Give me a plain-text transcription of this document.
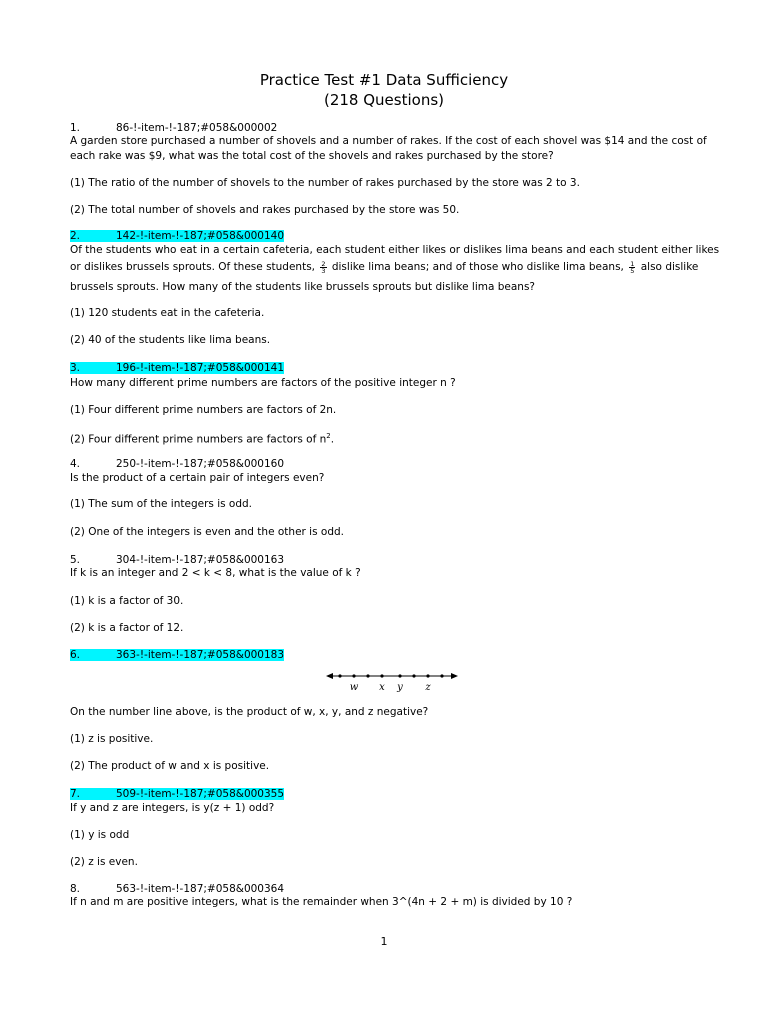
Practice Test #1 Data Sufficiency
(218 Questions)
1.	86-!-item-!-187;#058&000002
A garden store purchased a number of shovels and a number of rakes. If the cost of each shovel was $14 and the cost of
each rake was $9, what was the total cost of the shovels and rakes purchased by the store?
(1) The ratio of the number of shovels to the number of rakes purchased by the store was 2 to 3.
(2) The total number of shovels and rakes purchased by the store was 50.
2.	142-!-item-!-187;#058&000140
Of the students who eat in a certain cafeteria, each student either likes or dislikes lima beans and each student either likes
or dislikes brussels sprouts. Of these students, $\frac{2}{3}$ dislike lima beans; and of those who dislike lima beans, $\frac{1}{5}$ also dislike
brussels sprouts. How many of the students like brussels sprouts but dislike lima beans?
(1) 120 students eat in the cafeteria.
(2) 40 of the students like lima beans.
3.	196-!-item-!-187;#058&000141
How many different prime numbers are factors of the positive integer n ?
(1) Four different prime numbers are factors of 2n.
(2) Four different prime numbers are factors of $n^2$.
4.	250-!-item-!-187;#058&000160
Is the product of a certain pair of integers even?
(1) The sum of the integers is odd.
(2) One of the integers is even and the other is odd.
5.	304-!-item-!-187;#058&000163
If k is an integer and 2 < k < 8, what is the value of k ?
(1) k is a factor of 30.
(2) k is a factor of 12.
6.	363-!-item-!-187;#058&000183
w x y z
On the number line above, is the product of w, x, y, and z negative?
(1) z is positive.
(2) The product of w and x is positive.
7.	509-!-item-!-187;#058&000355
If y and z are integers, is y(z + 1) odd?
(1) y is odd
(2) z is even.
8.	563-!-item-!-187;#058&000364
If n and m are positive integers, what is the remainder when 3^(4n + 2 + m) is divided by 10 ?
1
